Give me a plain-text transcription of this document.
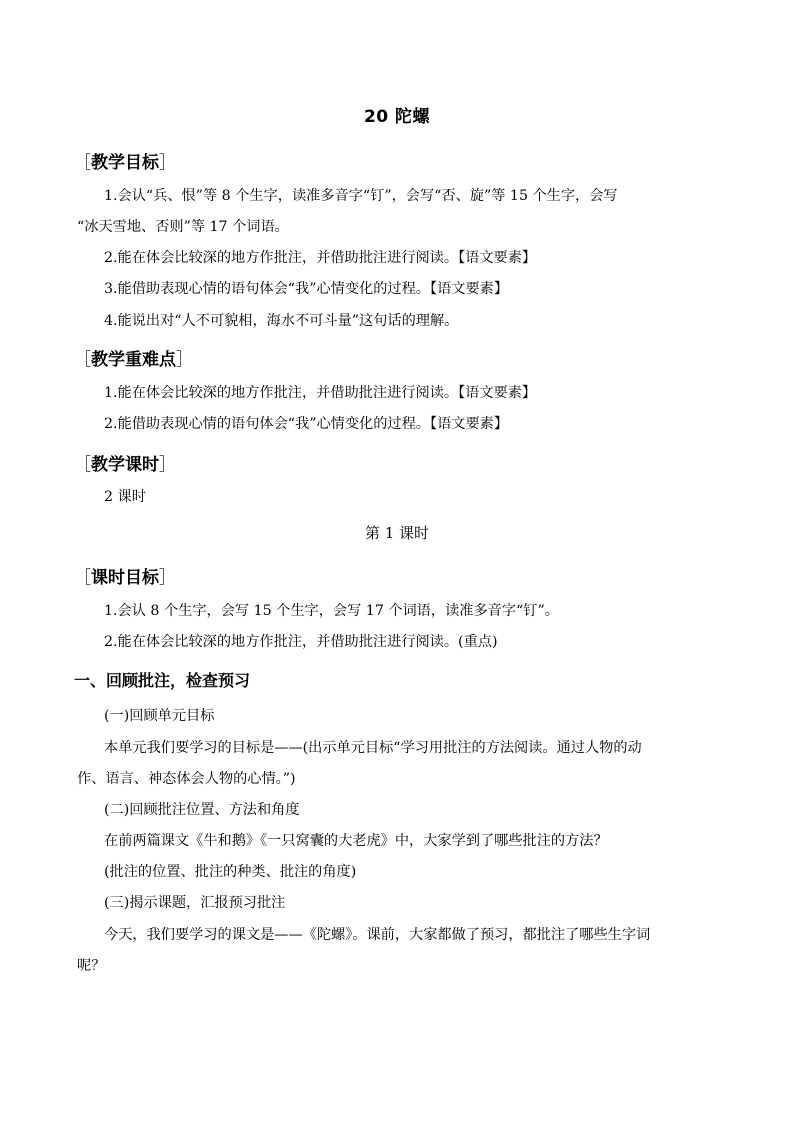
20 陀螺
［教学目标］
1.会认“兵、恨”等 8 个生字，读准多音字“钉”，会写“否、旋”等 15 个生字，会写
“冰天雪地、否则”等 17 个词语。
2.能在体会比较深的地方作批注，并借助批注进行阅读。【语文要素】
3.能借助表现心情的语句体会“我”心情变化的过程。【语文要素】
4.能说出对“人不可貌相，海水不可斗量”这句话的理解。
［教学重难点］
1.能在体会比较深的地方作批注，并借助批注进行阅读。【语文要素】
2.能借助表现心情的语句体会“我”心情变化的过程。【语文要素】
［教学课时］
2 课时
第 1 课时
［课时目标］
1.会认 8 个生字，会写 15 个生字，会写 17 个词语，读准多音字“钉”。
2.能在体会比较深的地方作批注，并借助批注进行阅读。(重点)
一、回顾批注，检查预习
(一)回顾单元目标
本单元我们要学习的目标是——(出示单元目标“学习用批注的方法阅读。通过人物的动
作、语言、神态体会人物的心情。”)
(二)回顾批注位置、方法和角度
在前两篇课文《牛和鹅》《一只窝囊的大老虎》中，大家学到了哪些批注的方法？
(批注的位置、批注的种类、批注的角度)
(三)揭示课题，汇报预习批注
今天，我们要学习的课文是——《陀螺》。课前，大家都做了预习，都批注了哪些生字词
呢？
